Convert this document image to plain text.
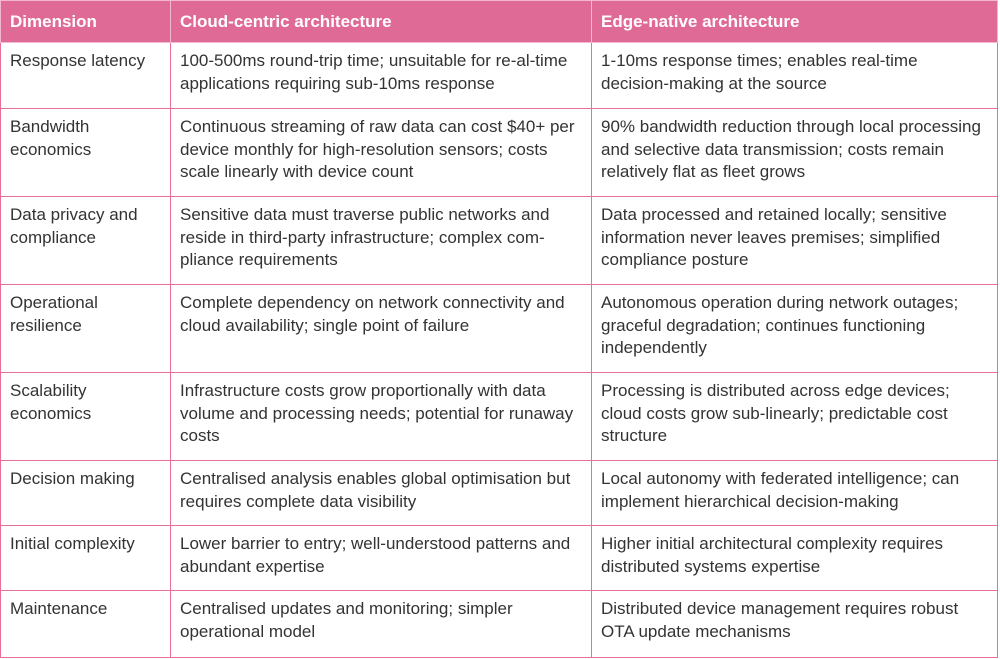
Dimension	Cloud-centric architecture	Edge-native architecture
Response latency	100-500ms round-trip time; unsuitable for re-al-time applications requiring sub-10ms response	1-10ms response times; enables real-time decision-making at the source
Bandwidth economics	Continuous streaming of raw data can cost $40+ per device monthly for high-resolution sensors; costs scale linearly with device count	90% bandwidth reduction through local processing and selective data transmission; costs remain relatively flat as fleet grows
Data privacy and compliance	Sensitive data must traverse public networks and reside in third-party infrastructure; complex com-pliance requirements	Data processed and retained locally; sensitive information never leaves premises; simplified compliance posture
Operational resilience	Complete dependency on network connectivity and cloud availability; single point of failure	Autonomous operation during network outages; graceful degradation; continues functioning independently
Scalability economics	Infrastructure costs grow proportionally with data volume and processing needs; potential for runaway costs	Processing is distributed across edge devices; cloud costs grow sub-linearly; predictable cost structure
Decision making	Centralised analysis enables global optimisation but requires complete data visibility	Local autonomy with federated intelligence; can implement hierarchical decision-making
Initial complexity	Lower barrier to entry; well-understood patterns and abundant expertise	Higher initial architectural complexity requires distributed systems expertise
Maintenance	Centralised updates and monitoring; simpler operational model	Distributed device management requires robust OTA update mechanisms
